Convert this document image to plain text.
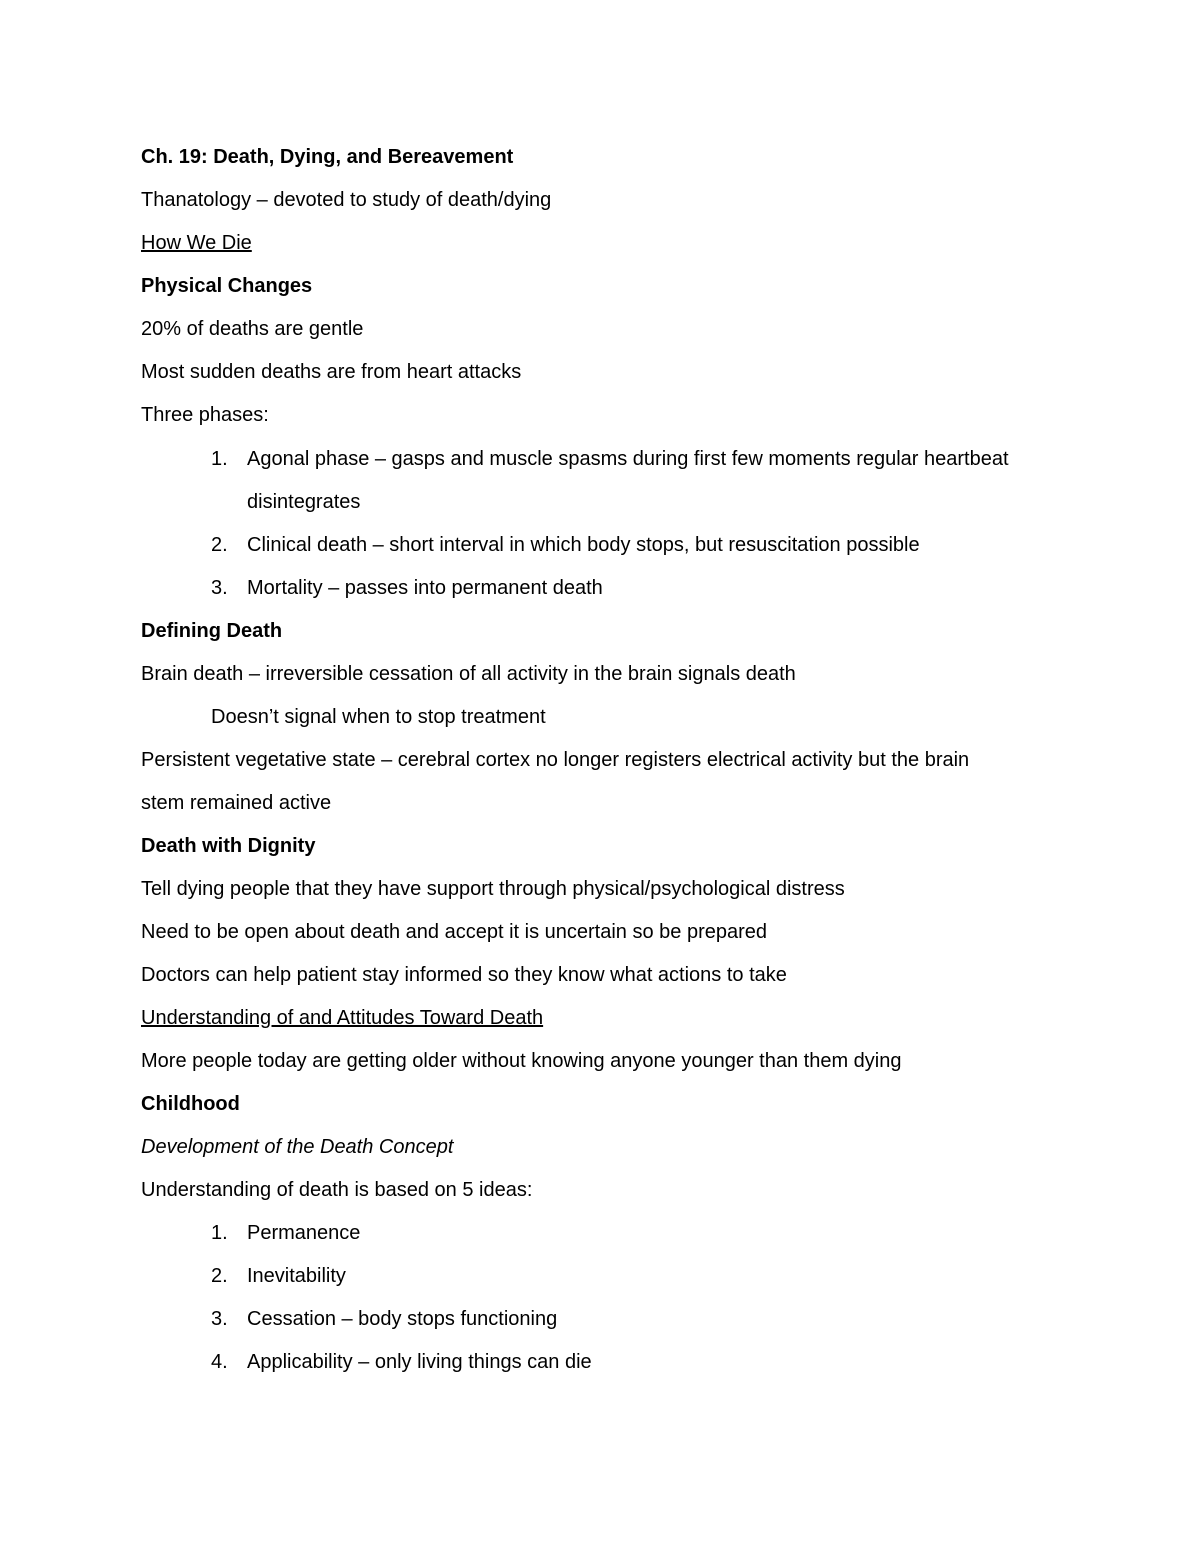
Ch. 19: Death, Dying, and Bereavement
Thanatology – devoted to study of death/dying
How We Die
Physical Changes
20% of deaths are gentle
Most sudden deaths are from heart attacks
Three phases:
1. Agonal phase – gasps and muscle spasms during first few moments regular heartbeat
disintegrates
2. Clinical death – short interval in which body stops, but resuscitation possible
3. Mortality – passes into permanent death
Defining Death
Brain death – irreversible cessation of all activity in the brain signals death
Doesn’t signal when to stop treatment
Persistent vegetative state – cerebral cortex no longer registers electrical activity but the brain
stem remained active
Death with Dignity
Tell dying people that they have support through physical/psychological distress
Need to be open about death and accept it is uncertain so be prepared
Doctors can help patient stay informed so they know what actions to take
Understanding of and Attitudes Toward Death
More people today are getting older without knowing anyone younger than them dying
Childhood
Development of the Death Concept
Understanding of death is based on 5 ideas:
1. Permanence
2. Inevitability
3. Cessation – body stops functioning
4. Applicability – only living things can die
